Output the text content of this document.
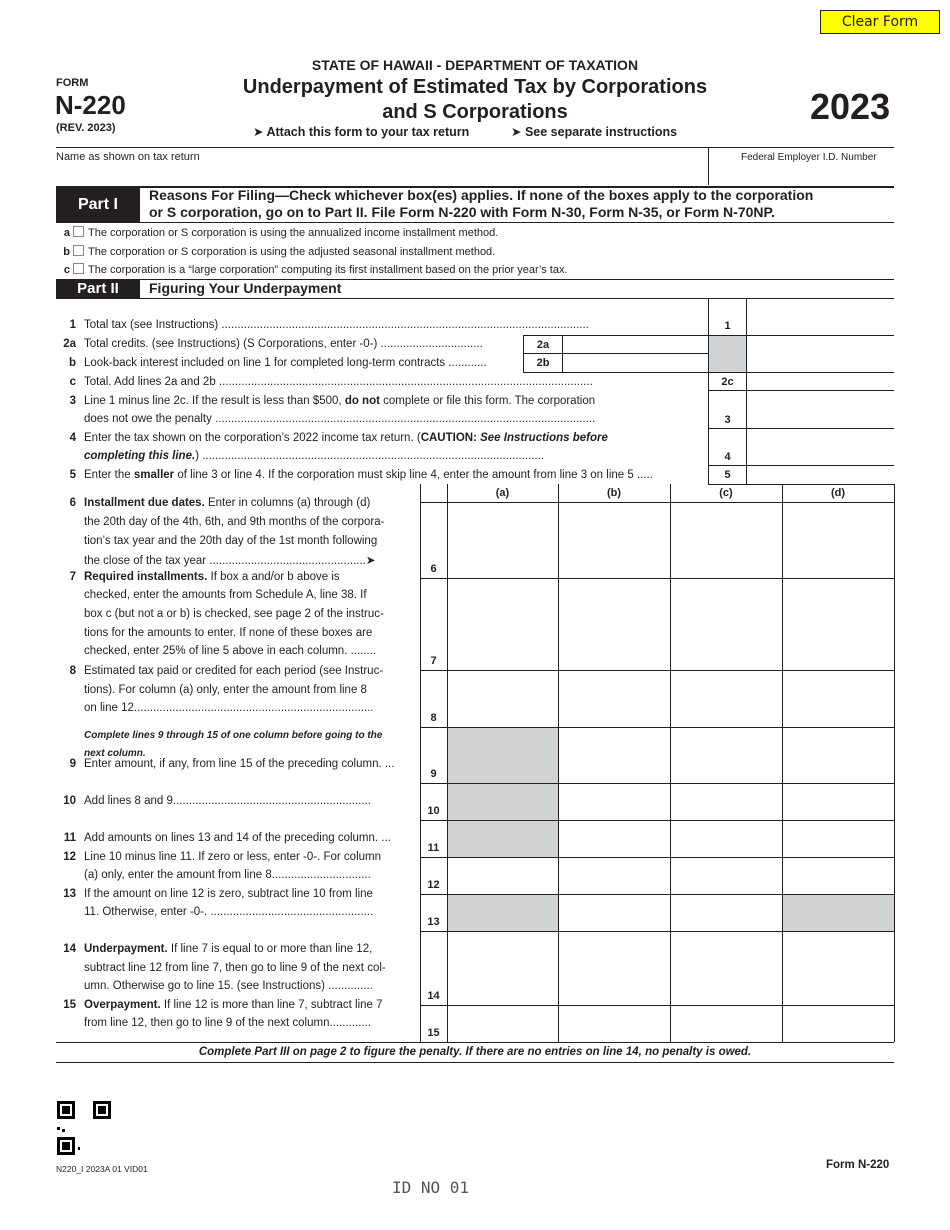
Clear Form
FORM
N-220
(REV. 2023)
STATE OF HAWAII - DEPARTMENT OF TAXATION
Underpayment of Estimated Tax by Corporations
and S Corporations
➤ Attach this form to your tax return	➤ See separate instructions
2023
Name as shown on tax return	Federal Employer I.D. Number
Part I
Reasons For Filing—Check whichever box(es) applies. If none of the boxes apply to the corporation
or S corporation, go on to Part II. File Form N-220 with Form N-30, Form N-35, or Form N-70NP.
a The corporation or S corporation is using the annualized income installment method.
b The corporation or S corporation is using the adjusted seasonal installment method.
c The corporation is a “large corporation” computing its first installment based on the prior year’s tax.
Part II	Figuring Your Underpayment
1 Total tax (see Instructions) ...................................................................................................................	1
2a Total credits. (see Instructions) (S Corporations, enter -0-) ................................	2a
b Look-back interest included on line 1 for completed long-term contracts ............	2b
c Total. Add lines 2a and 2b .....................................................................................................................	2c
3 Line 1 minus line 2c. If the result is less than $500, do not complete or file this form. The corporation
does not owe the penalty .......................................................................................................................	3
4 Enter the tax shown on the corporation’s 2022 income tax return. (CAUTION: See Instructions before
completing this line.) ...........................................................................................................	4
5 Enter the smaller of line 3 or line 4. If the corporation must skip line 4, enter the amount from line 3 on line 5 .....	5
(a)	(b)	(c)	(d)
6 Installment due dates. Enter in columns (a) through (d)
the 20th day of the 4th, 6th, and 9th months of the corpora-
tion’s tax year and the 20th day of the 1st month following
the close of the tax year .................................................➤
6
7 Required installments. If box a and/or b above is
checked, enter the amounts from Schedule A, line 38. If
box c (but not a or b) is checked, see page 2 of the instruc-
tions for the amounts to enter. If none of these boxes are
checked, enter 25% of line 5 above in each column. ........
7
8 Estimated tax paid or credited for each period (see Instruc-
tions). For column (a) only, enter the amount from line 8
on line 12...........................................................................
8
9 Enter amount, if any, from line 15 of the preceding column. ...
9
10 Add lines 8 and 9..............................................................
10
11 Add amounts on lines 13 and 14 of the preceding column. ...
11
12 Line 10 minus line 11. If zero or less, enter -0-. For column
(a) only, enter the amount from line 8...............................
12
13 If the amount on line 12 is zero, subtract line 10 from line
11. Otherwise, enter -0-. ...................................................
13
14 Underpayment. If line 7 is equal to or more than line 12,
subtract line 12 from line 7, then go to line 9 of the next col-
umn. Otherwise go to line 15. (see Instructions) ..............
14
15 Overpayment. If line 12 is more than line 7, subtract line 7
from line 12, then go to line 9 of the next column.............
15
Complete lines 9 through 15 of one column before going to the
next column.
Complete Part III on page 2 to figure the penalty. If there are no entries on line 14, no penalty is owed.
N220_I 2023A 01 VID01	Form N-220
ID NO 01
